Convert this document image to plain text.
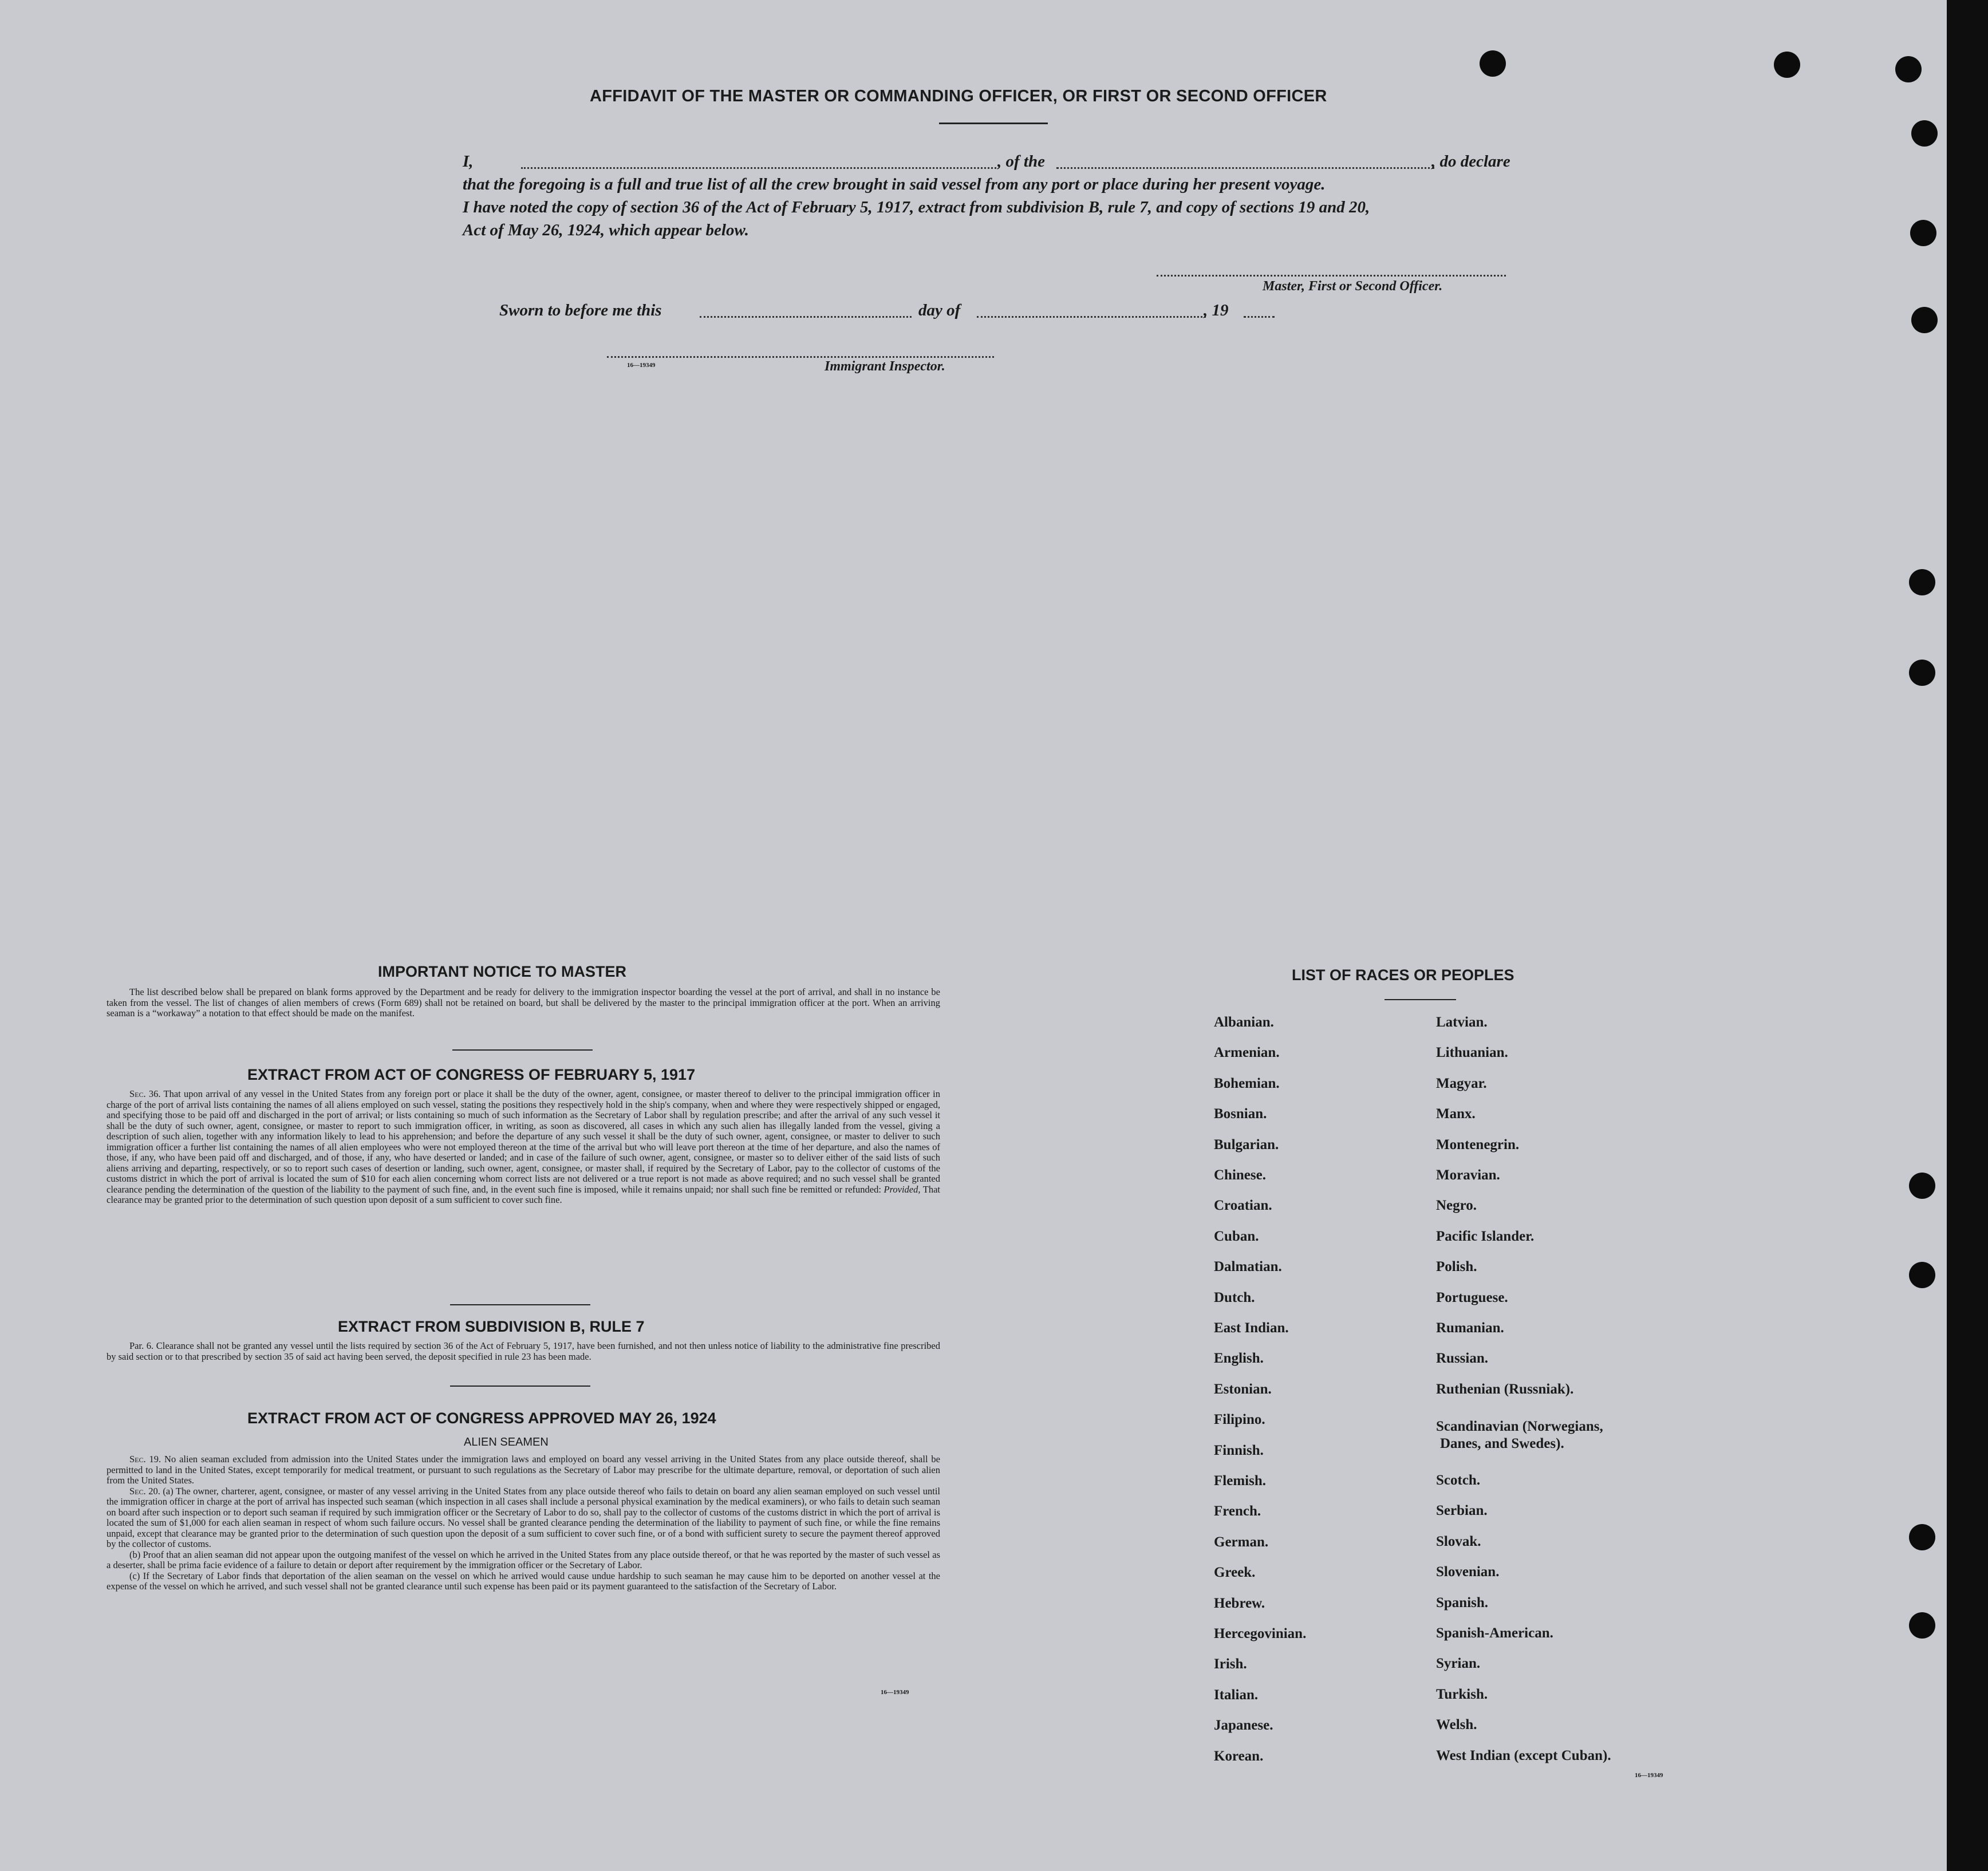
AFFIDAVIT OF THE MASTER OR COMMANDING OFFICER, OR FIRST OR SECOND OFFICER
I,	, of the	, do declare
that the foregoing is a full and true list of all the crew brought in said vessel from any port or place during her present voyage.
I have noted the copy of section 36 of the Act of February 5, 1917, extract from subdivision B, rule 7, and copy of sections 19 and 20,
Act of May 26, 1924, which appear below.
Master, First or Second Officer.
Sworn to before me this	day of	, 19
16—19349	Immigrant Inspector.
IMPORTANT NOTICE TO MASTER

The list described below shall be prepared on blank forms approved by the Department and be ready for delivery to the immigration inspector boarding the vessel at the port of arrival, and shall in no instance be taken from the vessel. The list of changes of alien members of crews (Form 689) shall not be retained on board, but shall be delivered by the master to the principal immigration officer at the port. When an arriving seaman is a “workaway” a notation to that effect should be made on the manifest.

EXTRACT FROM ACT OF CONGRESS OF FEBRUARY 5, 1917

Sec. 36. That upon arrival of any vessel in the United States from any foreign port or place it shall be the duty of the owner, agent, consignee, or master thereof to deliver to the principal immigration officer in charge of the port of arrival lists containing the names of all aliens employed on such vessel, stating the positions they respectively hold in the ship's company, when and where they were respectively shipped or engaged, and specifying those to be paid off and discharged in the port of arrival; or lists containing so much of such information as the Secretary of Labor shall by regulation prescribe; and after the arrival of any such vessel it shall be the duty of such owner, agent, consignee, or master to report to such immigration officer, in writing, as soon as discovered, all cases in which any such alien has illegally landed from the vessel, giving a description of such alien, together with any information likely to lead to his apprehension; and before the departure of any such vessel it shall be the duty of such owner, agent, consignee, or master to deliver to such immigration officer a further list containing the names of all alien employees who were not employed thereon at the time of the arrival but who will leave port thereon at the time of her departure, and also the names of those, if any, who have been paid off and discharged, and of those, if any, who have deserted or landed; and in case of the failure of such owner, agent, consignee, or master so to deliver either of the said lists of such aliens arriving and departing, respectively, or so to report such cases of desertion or landing, such owner, agent, consignee, or master shall, if required by the Secretary of Labor, pay to the collector of customs of the customs district in which the port of arrival is located the sum of $10 for each alien concerning whom correct lists are not delivered or a true report is not made as above required; and no such vessel shall be granted clearance pending the determination of the question of the liability to the payment of such fine, and, in the event such fine is imposed, while it remains unpaid; nor shall such fine be remitted or refunded: Provided, That clearance may be granted prior to the determination of such question upon deposit of a sum sufficient to cover such fine.

EXTRACT FROM SUBDIVISION B, RULE 7

Par. 6. Clearance shall not be granted any vessel until the lists required by section 36 of the Act of February 5, 1917, have been furnished, and not then unless notice of liability to the administrative fine prescribed by said section or to that prescribed by section 35 of said act having been served, the deposit specified in rule 23 has been made.

EXTRACT FROM ACT OF CONGRESS APPROVED MAY 26, 1924
ALIEN SEAMEN

Sec. 19. No alien seaman excluded from admission into the United States under the immigration laws and employed on board any vessel arriving in the United States from any place outside thereof, shall be permitted to land in the United States, except temporarily for medical treatment, or pursuant to such regulations as the Secretary of Labor may prescribe for the ultimate departure, removal, or deportation of such alien from the United States.

Sec. 20. (a) The owner, charterer, agent, consignee, or master of any vessel arriving in the United States from any place outside thereof who fails to detain on board any alien seaman employed on such vessel until the immigration officer in charge at the port of arrival has inspected such seaman (which inspection in all cases shall include a personal physical examination by the medical examiners), or who fails to detain such seaman on board after such inspection or to deport such seaman if required by such immigration officer or the Secretary of Labor to do so, shall pay to the collector of customs of the customs district in which the port of arrival is located the sum of $1,000 for each alien seaman in respect of whom such failure occurs. No vessel shall be granted clearance pending the determination of the liability to payment of such fine, or while the fine remains unpaid, except that clearance may be granted prior to the determination of such question upon the deposit of a sum sufficient to cover such fine, or of a bond with sufficient surety to secure the payment thereof approved by the collector of customs.

(b) Proof that an alien seaman did not appear upon the outgoing manifest of the vessel on which he arrived in the United States from any place outside thereof, or that he was reported by the master of such vessel as a deserter, shall be prima facie evidence of a failure to detain or deport after requirement by the immigration officer or the Secretary of Labor.

(c) If the Secretary of Labor finds that deportation of the alien seaman on the vessel on which he arrived would cause undue hardship to such seaman he may cause him to be deported on another vessel at the expense of the vessel on which he arrived, and such vessel shall not be granted clearance until such expense has been paid or its payment guaranteed to the satisfaction of the Secretary of Labor.

16—19349
LIST OF RACES OR PEOPLES
Albanian.
Armenian.
Bohemian.
Bosnian.
Bulgarian.
Chinese.
Croatian.
Cuban.
Dalmatian.
Dutch.
East Indian.
English.
Estonian.
Filipino.
Finnish.
Flemish.
French.
German.
Greek.
Hebrew.
Hercegovinian.
Irish.
Italian.
Japanese.
Korean.
Latvian.
Lithuanian.
Magyar.
Manx.
Montenegrin.
Moravian.
Negro.
Pacific Islander.
Polish.
Portuguese.
Rumanian.
Russian.
Ruthenian (Russniak).
Scandinavian (Norwegians,
Danes, and Swedes).
Scotch.
Serbian.
Slovak.
Slovenian.
Spanish.
Spanish-American.
Syrian.
Turkish.
Welsh.
West Indian (except Cuban).
16—19349
